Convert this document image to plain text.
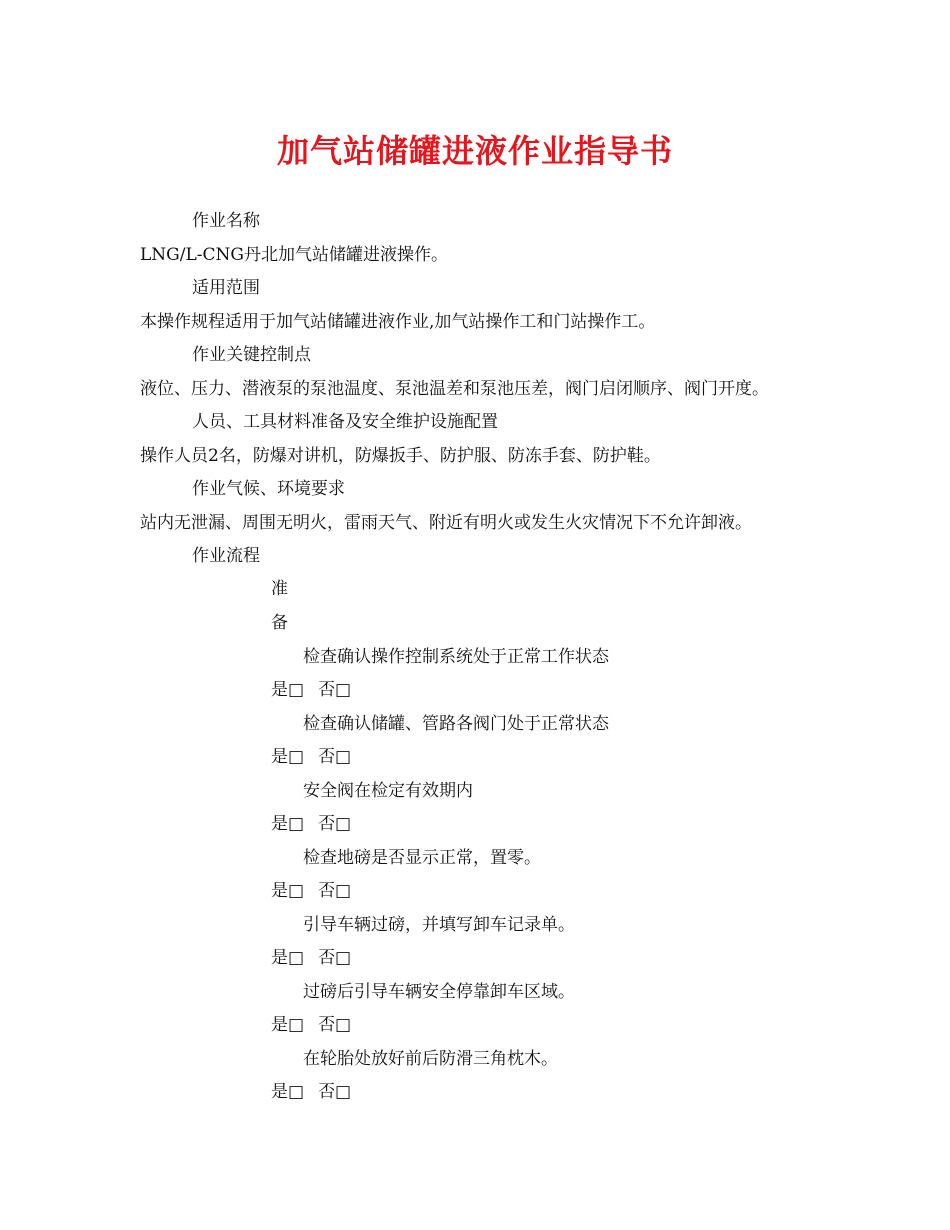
加气站储罐进液作业指导书
作业名称
LNG/L-CNG丹北加气站储罐进液操作。
适用范围
本操作规程适用于加气站储罐进液作业,加气站操作工和门站操作工。
作业关键控制点
液位、压力、潜液泵的泵池温度、泵池温差和泵池压差，阀门启闭顺序、阀门开度。
人员、工具材料准备及安全维护设施配置
操作人员2名，防爆对讲机，防爆扳手、防护服、防冻手套、防护鞋。
作业气候、环境要求
站内无泄漏、周围无明火，雷雨天气、附近有明火或发生火灾情况下不允许卸液。
作业流程
准
备
检查确认操作控制系统处于正常工作状态
是□ 否□
检查确认储罐、管路各阀门处于正常状态
是□ 否□
安全阀在检定有效期内
是□ 否□
检查地磅是否显示正常，置零。
是□ 否□
引导车辆过磅，并填写卸车记录单。
是□ 否□
过磅后引导车辆安全停靠卸车区域。
是□ 否□
在轮胎处放好前后防滑三角枕木。
是□ 否□
